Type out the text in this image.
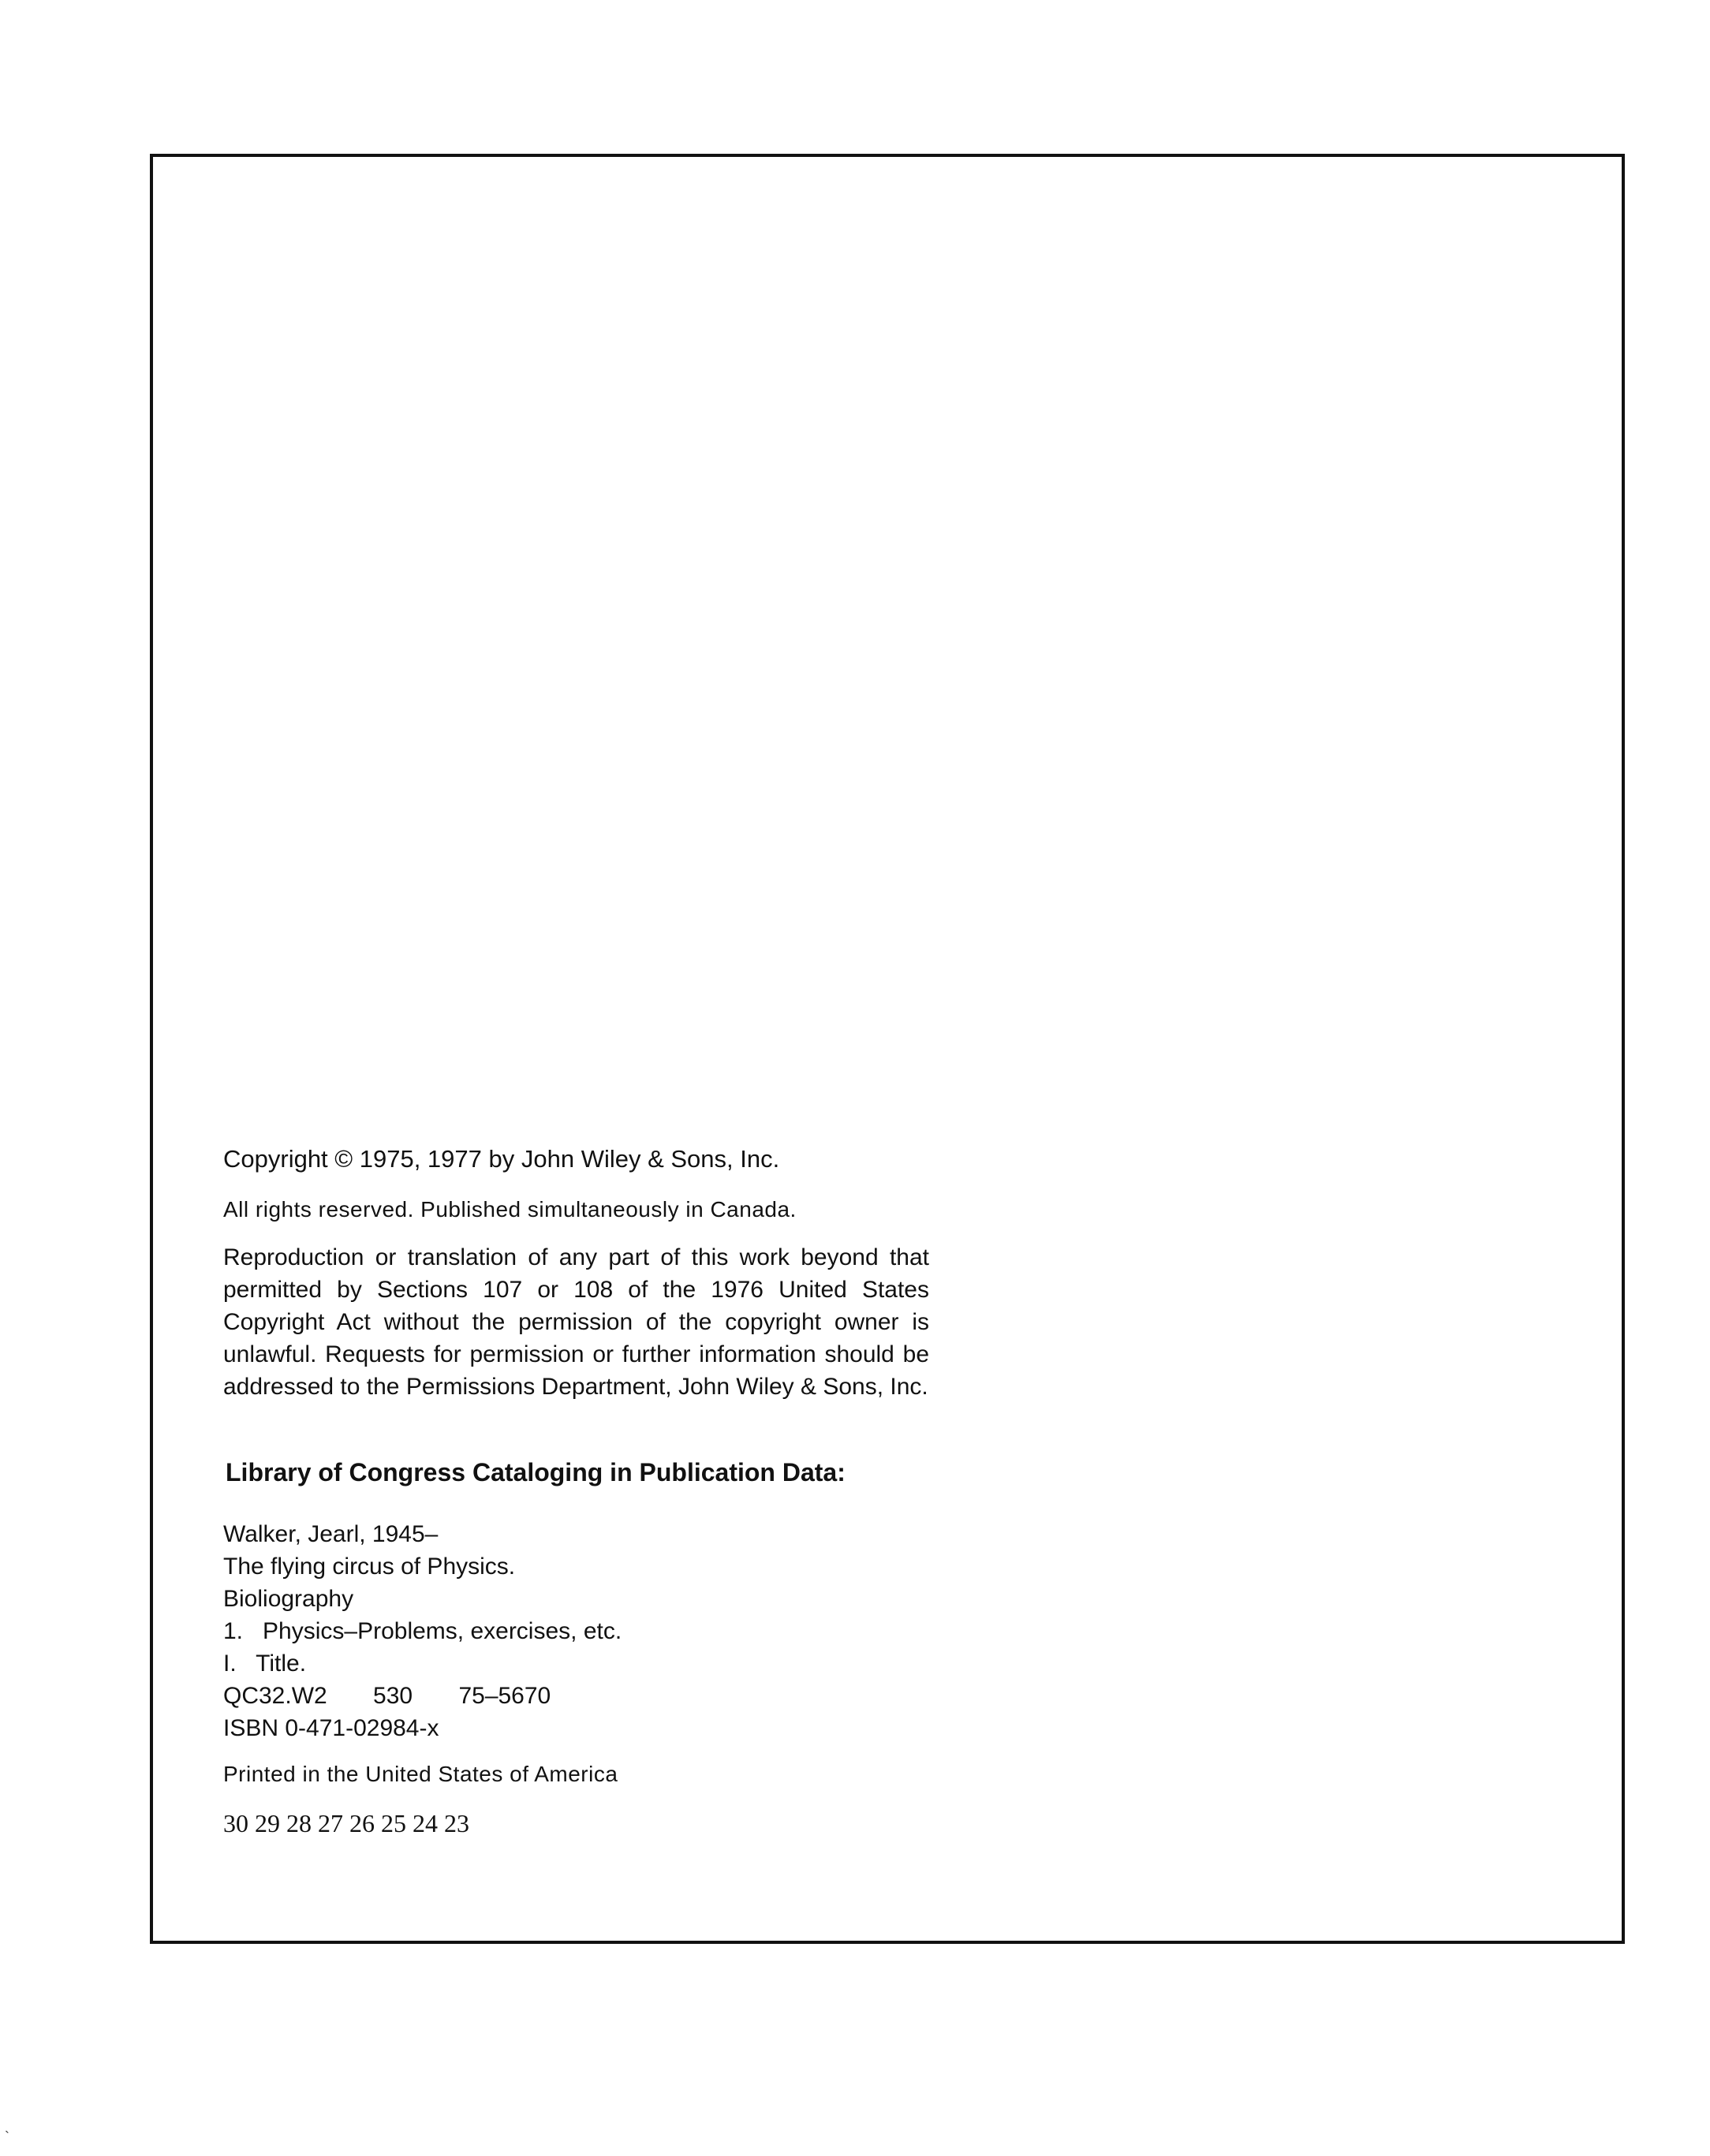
Copyright © 1975, 1977 by John Wiley & Sons, Inc.

All rights reserved. Published simultaneously in Canada.

Reproduction or translation of any part of this work beyond that permitted by Sections 107 or 108 of the 1976 United States Copyright Act without the permission of the copyright owner is unlawful. Requests for permission or further information should be addressed to the Permissions Department, John Wiley & Sons, Inc.

Library of Congress Cataloging in Publication Data:

Walker, Jearl, 1945–
The flying circus of Physics.
Bioliography
1.   Physics–Problems, exercises, etc.
I.   Title.
QC32.W2       530       75–5670
ISBN 0-471-02984-x

Printed in the United States of America

30 29 28 27 26 25 24 23

`
